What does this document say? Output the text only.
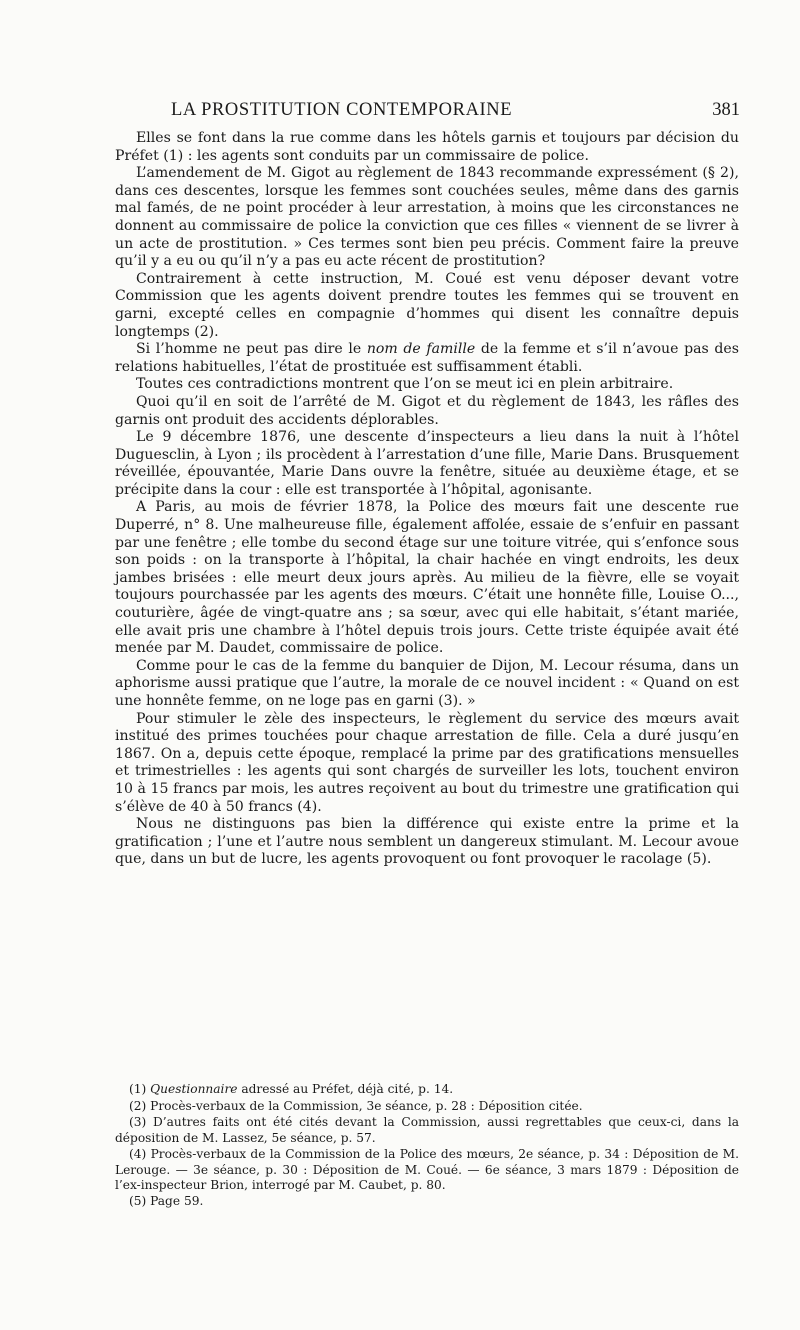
LA PROSTITUTION CONTEMPORAINE	381

Elles se font dans la rue comme dans les hôtels garnis et toujours par décision du Préfet (1) : les agents sont conduits par un commissaire de police.

L’amendement de M. Gigot au règlement de 1843 recommande expressément (§ 2), dans ces descentes, lorsque les femmes sont couchées seules, même dans des garnis mal famés, de ne point procéder à leur arrestation, à moins que les circonstances ne donnent au commissaire de police la conviction que ces filles « viennent de se livrer à un acte de prostitution. » Ces termes sont bien peu précis. Comment faire la preuve qu’il y a eu ou qu’il n’y a pas eu acte récent de prostitution?

Contrairement à cette instruction, M. Coué est venu déposer devant votre Commission que les agents doivent prendre toutes les femmes qui se trouvent en garni, excepté celles en compagnie d’hommes qui disent les connaître depuis longtemps (2).

Si l’homme ne peut pas dire le nom de famille de la femme et s’il n’avoue pas des relations habituelles, l’état de prostituée est suffisamment établi.

Toutes ces contradictions montrent que l’on se meut ici en plein arbitraire.

Quoi qu’il en soit de l’arrêté de M. Gigot et du règlement de 1843, les râfles des garnis ont produit des accidents déplorables.

Le 9 décembre 1876, une descente d’inspecteurs a lieu dans la nuit à l’hôtel Duguesclin, à Lyon ; ils procèdent à l’arrestation d’une fille, Marie Dans. Brusquement réveillée, épouvantée, Marie Dans ouvre la fenêtre, située au deuxième étage, et se précipite dans la cour : elle est transportée à l’hôpital, agonisante.

A Paris, au mois de février 1878, la Police des mœurs fait une descente rue Duperré, n° 8. Une malheureuse fille, également affolée, essaie de s’enfuir en passant par une fenêtre ; elle tombe du second étage sur une toiture vitrée, qui s’enfonce sous son poids : on la transporte à l’hôpital, la chair hachée en vingt endroits, les deux jambes brisées : elle meurt deux jours après. Au milieu de la fièvre, elle se voyait toujours pourchassée par les agents des mœurs. C’était une honnête fille, Louise O..., couturière, âgée de vingt-quatre ans ; sa sœur, avec qui elle habitait, s’étant mariée, elle avait pris une chambre à l’hôtel depuis trois jours. Cette triste équipée avait été menée par M. Daudet, commissaire de police.

Comme pour le cas de la femme du banquier de Dijon, M. Lecour résuma, dans un aphorisme aussi pratique que l’autre, la morale de ce nouvel incident : « Quand on est une honnête femme, on ne loge pas en garni (3). »

Pour stimuler le zèle des inspecteurs, le règlement du service des mœurs avait institué des primes touchées pour chaque arrestation de fille. Cela a duré jusqu’en 1867. On a, depuis cette époque, remplacé la prime par des gratifications mensuelles et trimestrielles : les agents qui sont chargés de surveiller les lots, touchent environ 10 à 15 francs par mois, les autres reçoivent au bout du trimestre une gratification qui s’élève de 40 à 50 francs (4).

Nous ne distinguons pas bien la différence qui existe entre la prime et la gratification ; l’une et l’autre nous semblent un dangereux stimulant. M. Lecour avoue que, dans un but de lucre, les agents provoquent ou font provoquer le racolage (5).

(1) Questionnaire adressé au Préfet, déjà cité, p. 14.

(2) Procès-verbaux de la Commission, 3e séance, p. 28 : Déposition citée.

(3) D’autres faits ont été cités devant la Commission, aussi regrettables que ceux-ci, dans la déposition de M. Lassez, 5e séance, p. 57.

(4) Procès-verbaux de la Commission de la Police des mœurs, 2e séance, p. 34 : Déposition de M. Lerouge. — 3e séance, p. 30 : Déposition de M. Coué. — 6e séance, 3 mars 1879 : Déposition de l’ex-inspecteur Brion, interrogé par M. Caubet, p. 80.

(5) Page 59.
